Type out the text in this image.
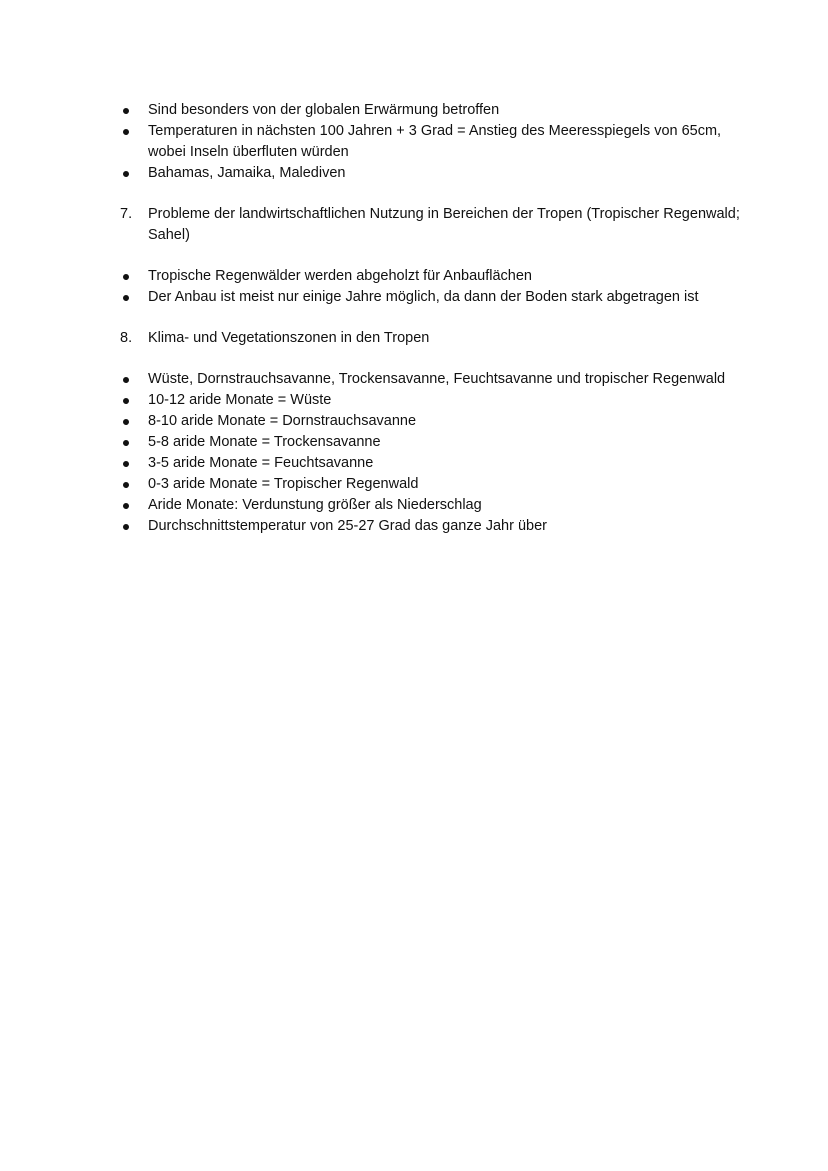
Sind besonders von der globalen Erwärmung betroffen
Temperaturen in nächsten 100 Jahren + 3 Grad = Anstieg des Meeresspiegels von 65cm, wobei Inseln überfluten würden
Bahamas, Jamaika, Malediven
7.	Probleme der landwirtschaftlichen Nutzung in Bereichen der Tropen (Tropischer Regenwald; Sahel)
Tropische Regenwälder werden abgeholzt für Anbauflächen
Der Anbau ist meist nur einige Jahre möglich, da dann der Boden stark abgetragen ist
8.	Klima- und Vegetationszonen in den Tropen
Wüste, Dornstrauchsavanne, Trockensavanne, Feuchtsavanne und tropischer Regenwald
10-12 aride Monate = Wüste
8-10 aride Monate = Dornstrauchsavanne
5-8 aride Monate = Trockensavanne
3-5 aride Monate = Feuchtsavanne
0-3 aride Monate = Tropischer Regenwald
Aride Monate: Verdunstung größer als Niederschlag
Durchschnittstemperatur von 25-27 Grad das ganze Jahr über
